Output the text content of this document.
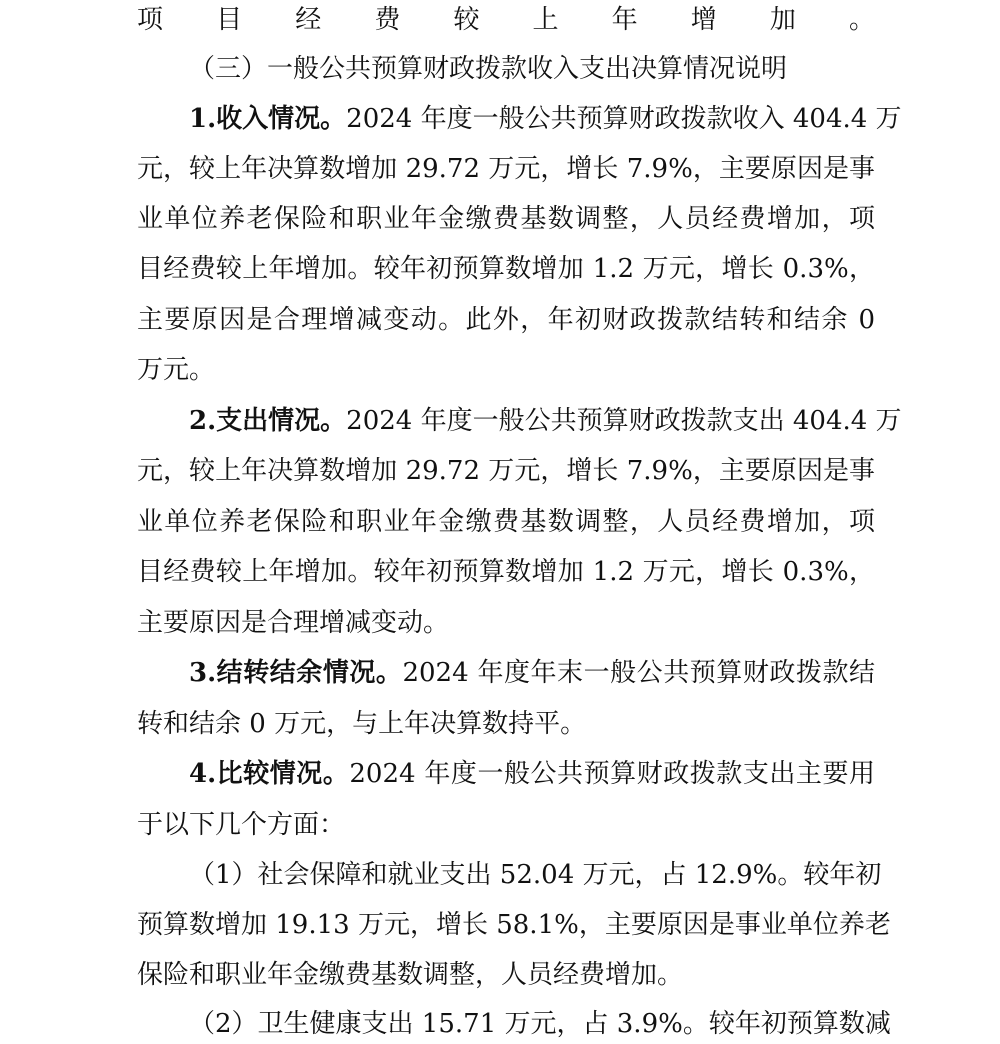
项目经费较上年增加。
（三）一般公共预算财政拨款收入支出决算情况说明
1.收入情况。2024 年度一般公共预算财政拨款收入 404.4 万
元，较上年决算数增加 29.72 万元，增长 7.9%，主要原因是事
业单位养老保险和职业年金缴费基数调整，人员经费增加，项
目经费较上年增加。较年初预算数增加 1.2 万元，增长 0.3%，
主要原因是合理增减变动。此外，年初财政拨款结转和结余 0
万元。
2.支出情况。2024 年度一般公共预算财政拨款支出 404.4 万
元，较上年决算数增加 29.72 万元，增长 7.9%，主要原因是事
业单位养老保险和职业年金缴费基数调整，人员经费增加，项
目经费较上年增加。较年初预算数增加 1.2 万元，增长 0.3%，
主要原因是合理增减变动。
3.结转结余情况。2024 年度年末一般公共预算财政拨款结
转和结余 0 万元，与上年决算数持平。
4.比较情况。2024 年度一般公共预算财政拨款支出主要用
于以下几个方面：
（1）社会保障和就业支出 52.04 万元，占 12.9%。较年初
预算数增加 19.13 万元，增长 58.1%，主要原因是事业单位养老
保险和职业年金缴费基数调整，人员经费增加。
（2）卫生健康支出 15.71 万元，占 3.9%。较年初预算数减
